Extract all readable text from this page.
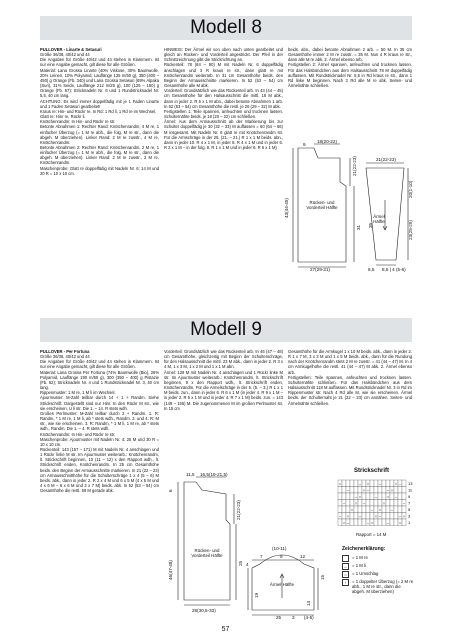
Modell 8

PULLOVER - Linarte & Setasuri

Größe 36/38, 40/42 und 44

Die Angaben für Größe 40/42 und 44 stehen in Klammern. Ist nur eine Angabe gemacht, gilt diese für alle Größen.

Material: Lana Grossa Linarte (40% Viskose, 30% Baumwolle, 20% Leinen, 10% Polyamid, Lauflänge 125 m/50 g), 350 (400 – 450) g Orange (Fb. 340) und Lana Grossa Setasuri (69% Alpaka (Suri), 31% Seide, Lauflänge 212 m/25 g), 100 (125 – 150) g Orange (Fb. 57); Stricknadeln Nr. 6 und 1 Rundstricknadel Nr. 5,5, 40 cm lang.

ACHTUNG: Es wird immer doppelfädig mit je 1 Faden Linarte und 1 Faden Setasuri gearbeitet!

Kraus re: Hin- und Rückr re. In Rd: 1 Rd li, 1 Rd re im Wechsel.

Glatt re: Hinr re, Rückr li.

Knötchenrandm: In Hin- und Rückr re str.

Betonte Abnahmen 1: Rechter Rand: Knötchenrandm, 4 M re, 1 einfacher Überzug (= 1 M re abh., die folg. M re str., dann die abgeh. M überziehen). Linker Rand: 2 M re zusstr., 4 M re, Knötchenrandm.

Betonte Abnahmen 2: Rechter Rand: Knötchenrandm, 2 M re, 1 einfacher Überzug (= 1 M re abh., die folg. M re str., dann die abgeh. M überziehen). Linker Rand: 2 M re zusstr., 2 M re, Knötchenrandm.

Maschenprobe: Glatt re doppelfädig mit Nadeln Nr. 6: 14 M und 20 R = 10 x 10 cm.

HINWEIS: Der Ärmel wir von oben nach unten gearbeitet und gleich an Rücken- und Vorderteil angestrickt. Der Pfeil in der Schnittzeichnung gibt die Strickrichtung an.

Rückenteil: 78 (84 – 90) M mit Nadeln Nr. 6 doppelfädig anschlagen und 3 R kraus re str., dann glatt re mit Knötchenrandm weiterarb. In 31 cm Gesamthöhe beids. den Beginn der Armausschnitte markieren. In 52 (53 – 54) cm Gesamthöhe alle M abk.

Vorderteil: Grundsätzlich wie das Rückenteil arb. In 43 (44 – 45) cm Gesamthöhe für den Halsausschnitt die mittl. 16 M abk., dann in jeder 2. R 5 x 1 M abn., dabei betonte Abnahmen 1 arb. In 52 (53 – 54) cm Gesamthöhe die restl. je 26 (29 – 32) M abk.

Fertigstellen 1: Teile spannen, anfeuchten und trocknen lassen. Schulternähte beids. je 18 (20 – 22) cm schließen.

Ärmel: Aus dem Armausschnitt ab der Markierung bis zur Schulter doppelfädig je 30 (32 – 33) M auffassen = 60 (64 – 66) M insgesamt. Mit Nadeln Nr. 6 glatt re mit Knötchenrandm str. Für die Armschräge in der 25. (21. – 21.) R 1 x 1 M beids. abn., dann in jeder 10. R 4 x 1 M, in jeder 8. R 4 x 1 M und in jeder 6. R 2 x 1 M – in der folg. 8. R 1 x 1 M und in jeder 6. R 6 x 1 M)

beids. abn., dabei betonte Abnahmen 2 arb. = 50 M. In 35 cm Gesamthöhe immer 2 M re zusstr. = 25 M. Nun 4 R kraus re str., dann alle M re abk. 2. Ärmel ebenso arb.

Fertigstellen 2: Ärmel spannen, anfeuchten und trocknen lassen. Für das Halsbündchen aus dem Halsausschnitt 78 M doppelfädig auffassen. Mit Rundstricknadel Nr. 5,5 in Rd kraus re str., dann 1 Rd linke M beginnen. Nach 3 Rd alle M re abk. Seiten- und Ärmelnähte schließen.

9
18(20-22)
43(44-45)
21(22-23)
31
27(29-31)
21(22-23)
23(25-25)
20(1-10)
35
8,5 8,5 | 4 (5-6)
Rücken- und Vorderteil Hälfte
Ärmel Hälfte
Modell 9

PULLOVER - Per Fortuna

Größe 36/38, 40/42 und 44

Die Angaben für Größe 40/42 und 44 stehen in Klammern. Ist nur eine Angabe gemacht, gilt diese für alle Größen.

Material: Lana Grossa Per Fortuna (74% Baumwolle (Bio), 26% Polyamid, Lauflänge 190 m/50 g), 300 (350 – 400) g Pistazie (Fb. 52); Stricknadeln Nr. 4 und 1 Rundstricknadel Nr. 3, 40 cm lang.

Rippenmuster: 1 M re, 1 M li im Wechsel.

Ajourmuster: M-Zahl teilbar durch 14 + 1 + Randm. Siehe Strickschrift. Dargestellt sind nur Hinr. In den Rückr M str., wie sie erscheinen, U li str. Die 1. – 14. R stets wdh.

Großes Perlmuster: M-Zahl teilbar durch 2 + Randm. 1. R: Randm, * 1 M re, 1 M li, ab * stets wdh., Randm. 2. und 4. R: M str., wie sie erscheinen. 3. R: Randm, * 1 M li, 1 M re, ab * stets wdh., Randm. Die 1. – 4. R stets wdh.

Knötchenrandm: In Hin- und Rückr re str.

Maschenprobe: Ajourmuster mit Nadeln Nr. 4: 25 M und 30 R = 10 x 10 cm.

Rückenteil: 143 (157 – 171) M mit Nadeln Nr. 4 anschlagen und 1 Rückr linke M str. Im Ajourmuster weiterarb.: Knötchenrandm, lt. Strickschrift beginnen, 10 (11 – 12) x den Rapport wdh., lt. Strickschrift enden, Knötchenrandm. In 25 cm Gesamthöhe beids. den Beginn der Armausschnitte markieren. In 21 (22 – 23) cm Armausschnitthöhe für die Schulterschräge 1 x 4 (5 – 6) M beids. abk., dann in jeder 2. R 2 x 4 M und 6 x 5 M (4 x 5 M und 4 x 6 M – 6 x 6 M und 2 x 7 M) beids. abk. In 52 (53 – 54) cm Gesamthöhe die restl. 59 M gerade abk.

Vorderteil: Grundsätzlich wie das Rückenteil arb. In 46 (47 – 48) cm Gesamthöhe, gleichzeitig mit Beginn der Schulterschräge, für den Halsausschnitt die mittl. 23 M abk., dann in jeder 2. R 3 x 4 M, 1 x 3 M, 1 x 2 M und 1 x 1 M abn.

Ärmel: 129 M mit Nadeln Nr. 4 anschlagen und 1 Rückr linke M str. Im Ajourmuster weiterarb.: Knötchenrandm, lt. Strickschrift beginnen, 9 x den Rapport wdh., lt. Strickschrift enden, Knötchenrandm. Für die Armelschräge in der 5. (5. – 3.) R 1 x 1 M beids. zun., dann in jeder 6. R 6 x 1 M (in jeder 4. R 9 x 1 M – in jeder 2. R 5 x 1 M und in jeder 4. R 7 x 1 M) beids. zun. = 143 (149 – 155) M. Die zugenommenen M im großen Perlmuster str. In 15 cm

Gesamthöhe für die Armkugel 1 x 10 M beids. abk., dann in jeder 2. R 1 x 7 M, 3 x 3 M und 1 x 5 M beids. abk., dann für die Rundung nach der Knötchenrandm stets 2 M re zusstr. = 41 (44 – 47) M. In 4 cm Armkugelhöhe die restl. 41 (44 – 47) M abk. 2. Ärmel ebenso arb.

Fertigstellen: Teile spannen, anfeuchten und trocknen lassen. Schulternähte schließen. Für das Halsbündchen aus dem Halsausschnitt 118 M auffassen. Mit Rundstricknadel Nr. 3 in Rd im Rippenmuster str. Nach 4 Rd alle M, wie sie erscheinen. Ärmel beids. der Schulternaht je 21 (22 – 23) cm annähen. Seiten- und Ärmelnähte schließen.

11,5 16,5(19-21,5)
6
46(47-48)
21(22-23)
25
28(30,5-33)
(10-11)
7	9	12
4
19
15
14
25 3 (4-5)
Rücken- und Vorderteil Hälfte
Ärmel Hälfte
Strickschrift
○	– ○ –	○ –
–	○ –	– ○
– ○	– ○ –
– ○ –	○	–
○	– ○ –
– ○ –	○ –	– ○
○ –	– ○	– ○
13
11
9
7
5
3
1
Rapport = 14 M
Zeichenerklärung:
= 1 M re
–	= 1 M li
○	= 1 Umschlag
↑	= 1 doppelter Überzug (= 2 M re abh., 1 M re str., dann die abgeh. M überziehen)
57
